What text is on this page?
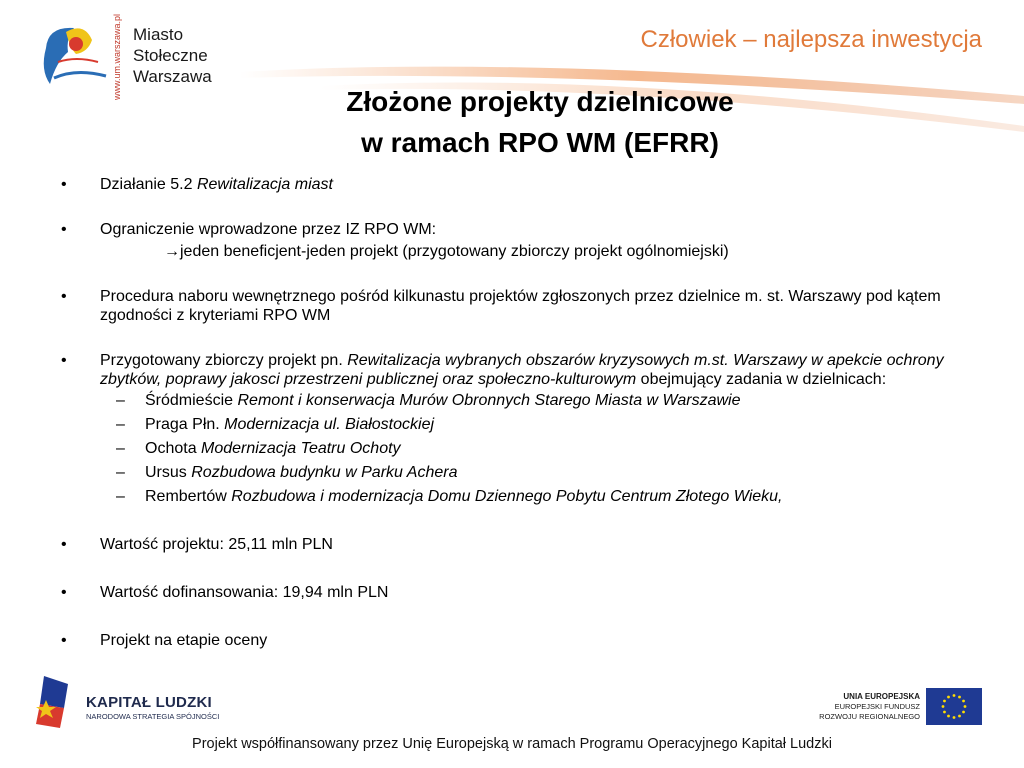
www.um.warszawa.pl Miasto
Stołeczne
Warszawa
Człowiek – najlepsza inwestycja
Złożone projekty dzielnicowe
w ramach RPO WM (EFRR)
• Działanie 5.2 Rewitalizacja miast
• Ograniczenie wprowadzone przez IZ RPO WM:
→jeden beneficjent-jeden projekt (przygotowany zbiorczy projekt ogólnomiejski)
• Procedura naboru wewnętrznego pośród kilkunastu projektów zgłoszonych przez dzielnice m. st. Warszawy pod kątem zgodności z kryteriami RPO WM
• Przygotowany zbiorczy projekt pn. Rewitalizacja wybranych obszarów kryzysowych m.st. Warszawy w apekcie ochrony zbytków, poprawy jakosci przestrzeni publicznej oraz społeczno-kulturowym obejmujący zadania w dzielnicach:
– Śródmieście Remont i konserwacja Murów Obronnych Starego Miasta w Warszawie
– Praga Płn. Modernizacja ul. Białostockiej
– Ochota Modernizacja Teatru Ochoty
– Ursus Rozbudowa budynku w Parku Achera
– Rembertów Rozbudowa i modernizacja Domu Dziennego Pobytu Centrum Złotego Wieku,
• Wartość projektu: 25,11 mln PLN
• Wartość dofinansowania: 19,94 mln PLN
• Projekt na etapie oceny
KAPITAŁ LUDZKI
NARODOWA STRATEGIA SPÓJNOŚCI
UNIA EUROPEJSKA
EUROPEJSKI FUNDUSZ
ROZWOJU REGIONALNEGO
Projekt współfinansowany przez Unię Europejską w ramach Programu Operacyjnego Kapitał Ludzki
